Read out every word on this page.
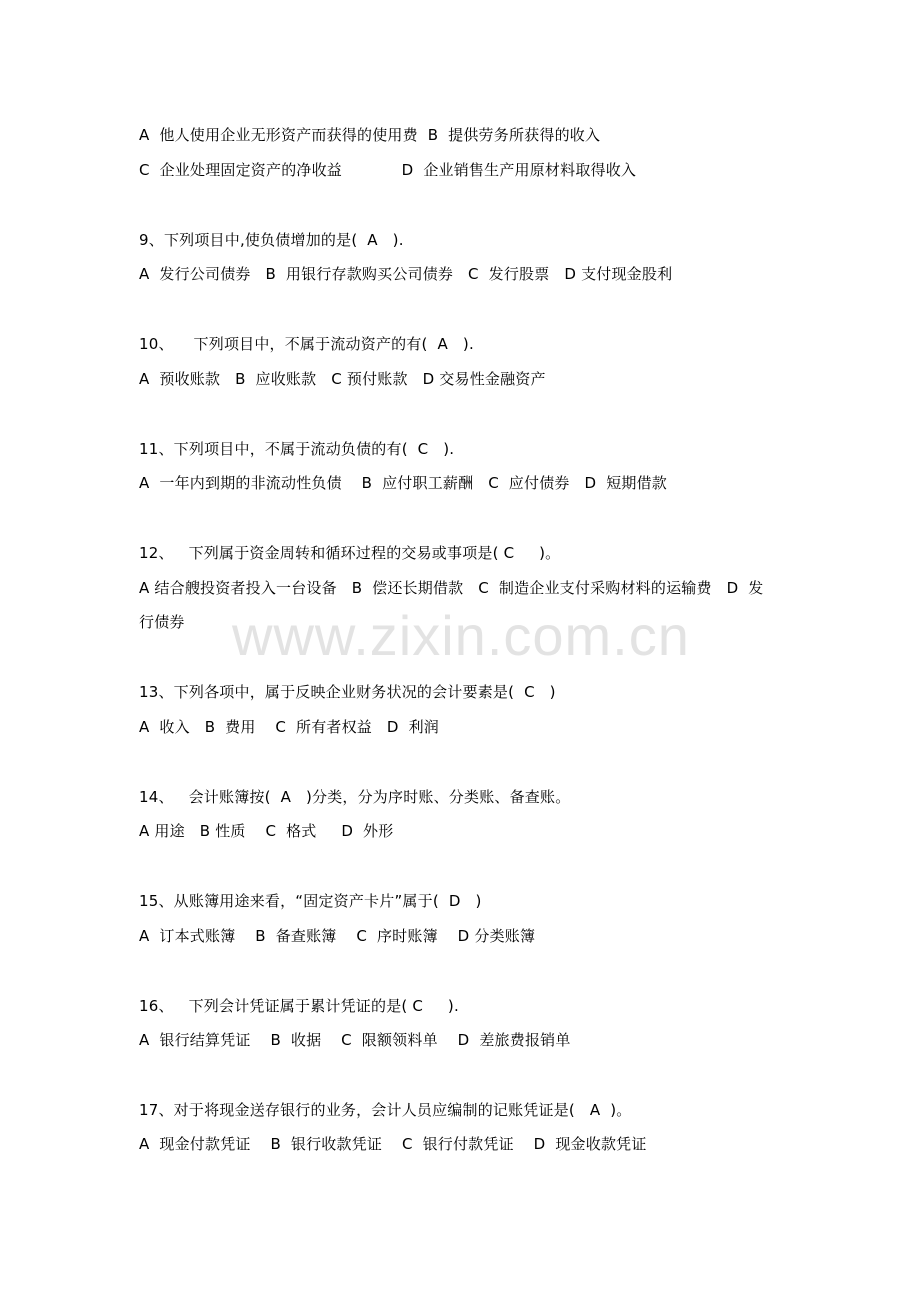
A  他人使用企业无形资产而获得的使用费  B  提供劳务所获得的收入
C  企业处理固定资产的净收益            D  企业销售生产用原材料取得收入
9、下列项目中,使负债增加的是(  A   ).
A  发行公司债券   B  用银行存款购买公司债券   C  发行股票   D 支付现金股利
10、    下列项目中，不属于流动资产的有(  A   ).
A  预收账款   B  应收账款   C 预付账款   D 交易性金融资产
11、下列项目中，不属于流动负债的有(  C   ).
A  一年内到期的非流动性负债    B  应付职工薪酬   C  应付债券   D  短期借款
12、   下列属于资金周转和循环过程的交易或事项是( C     )。
A 结合艘投资者投入一台设备   B  偿还长期借款   C  制造企业支付采购材料的运输费   D  发
行债券
13、下列各项中，属于反映企业财务状况的会计要素是(  C   )
A  收入   B  费用    C  所有者权益   D  利润
14、   会计账簿按(  A   )分类，分为序时账、分类账、备查账。
A 用途   B 性质    C  格式     D  外形
15、从账簿用途来看，“固定资产卡片”属于(  D   )
A  订本式账簿    B  备查账簿    C  序时账簿    D 分类账簿
16、   下列会计凭证属于累计凭证的是( C     ).
A  银行结算凭证    B  收据    C  限额领料单    D  差旅费报销单
17、对于将现金送存银行的业务，会计人员应编制的记账凭证是(   A  )。
A  现金付款凭证    B  银行收款凭证    C  银行付款凭证    D  现金收款凭证
www.zixin.com.cn
